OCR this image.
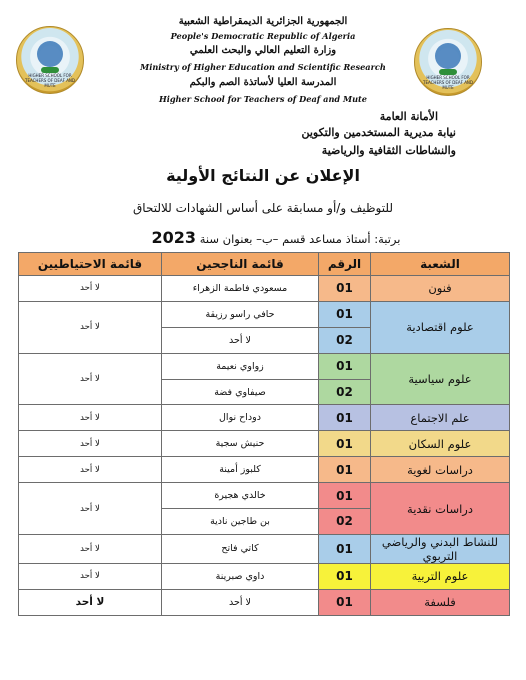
HIGHER SCHOOL FOR TEACHERS OF DEAF AND MUTE
HIGHER SCHOOL FOR TEACHERS OF DEAF AND MUTE
الجمهورية الجزائرية الديمقراطية الشعبية
People's Democratic Republic of Algeria
وزارة التعليم العالي والبحث العلمي
Ministry of Higher Education and Scientific Research
المدرسة العليا لأساتذة الصم والبكم
Higher School for Teachers of Deaf and Mute
الأمانة العامة
نيابة مديرية المستخدمين والتكوين
والنشاطات الثقافية والرياضية
الإعلان عن النتائج الأولية
للتوظيف و/أو مسابقة على أساس الشهادات للالتحاق
برتبة: أستاذ مساعد قسم –ب– بعنوان سنة 2023
الشعبة	الرقم	قائمة الناجحين	قائمة الاحتياطيين
فنون	01	مسعودي فاطمة الزهراء	لا أحد
علوم اقتصادية	01	حافي راسو رزيقة	لا أحد
	02	لا أحد	
علوم سياسية	01	زواوي نعيمة	لا أحد
	02	صيفاوي فضة	
علم الاجتماع	01	دوداح نوال	لا أحد
علوم السكان	01	حنيش سجية	لا أحد
دراسات لغوية	01	كلبوز أمينة	لا أحد
دراسات نقدية	01	خالدي هجيرة	لا أحد
	02	بن طاجين نادية	
للنشاط البدني والرياضي التربوي	01	كاتي فاتح	لا أحد
علوم التربية	01	داوي صبرينة	لا أحد
فلسفة	01	لا أحد	لا أحد
